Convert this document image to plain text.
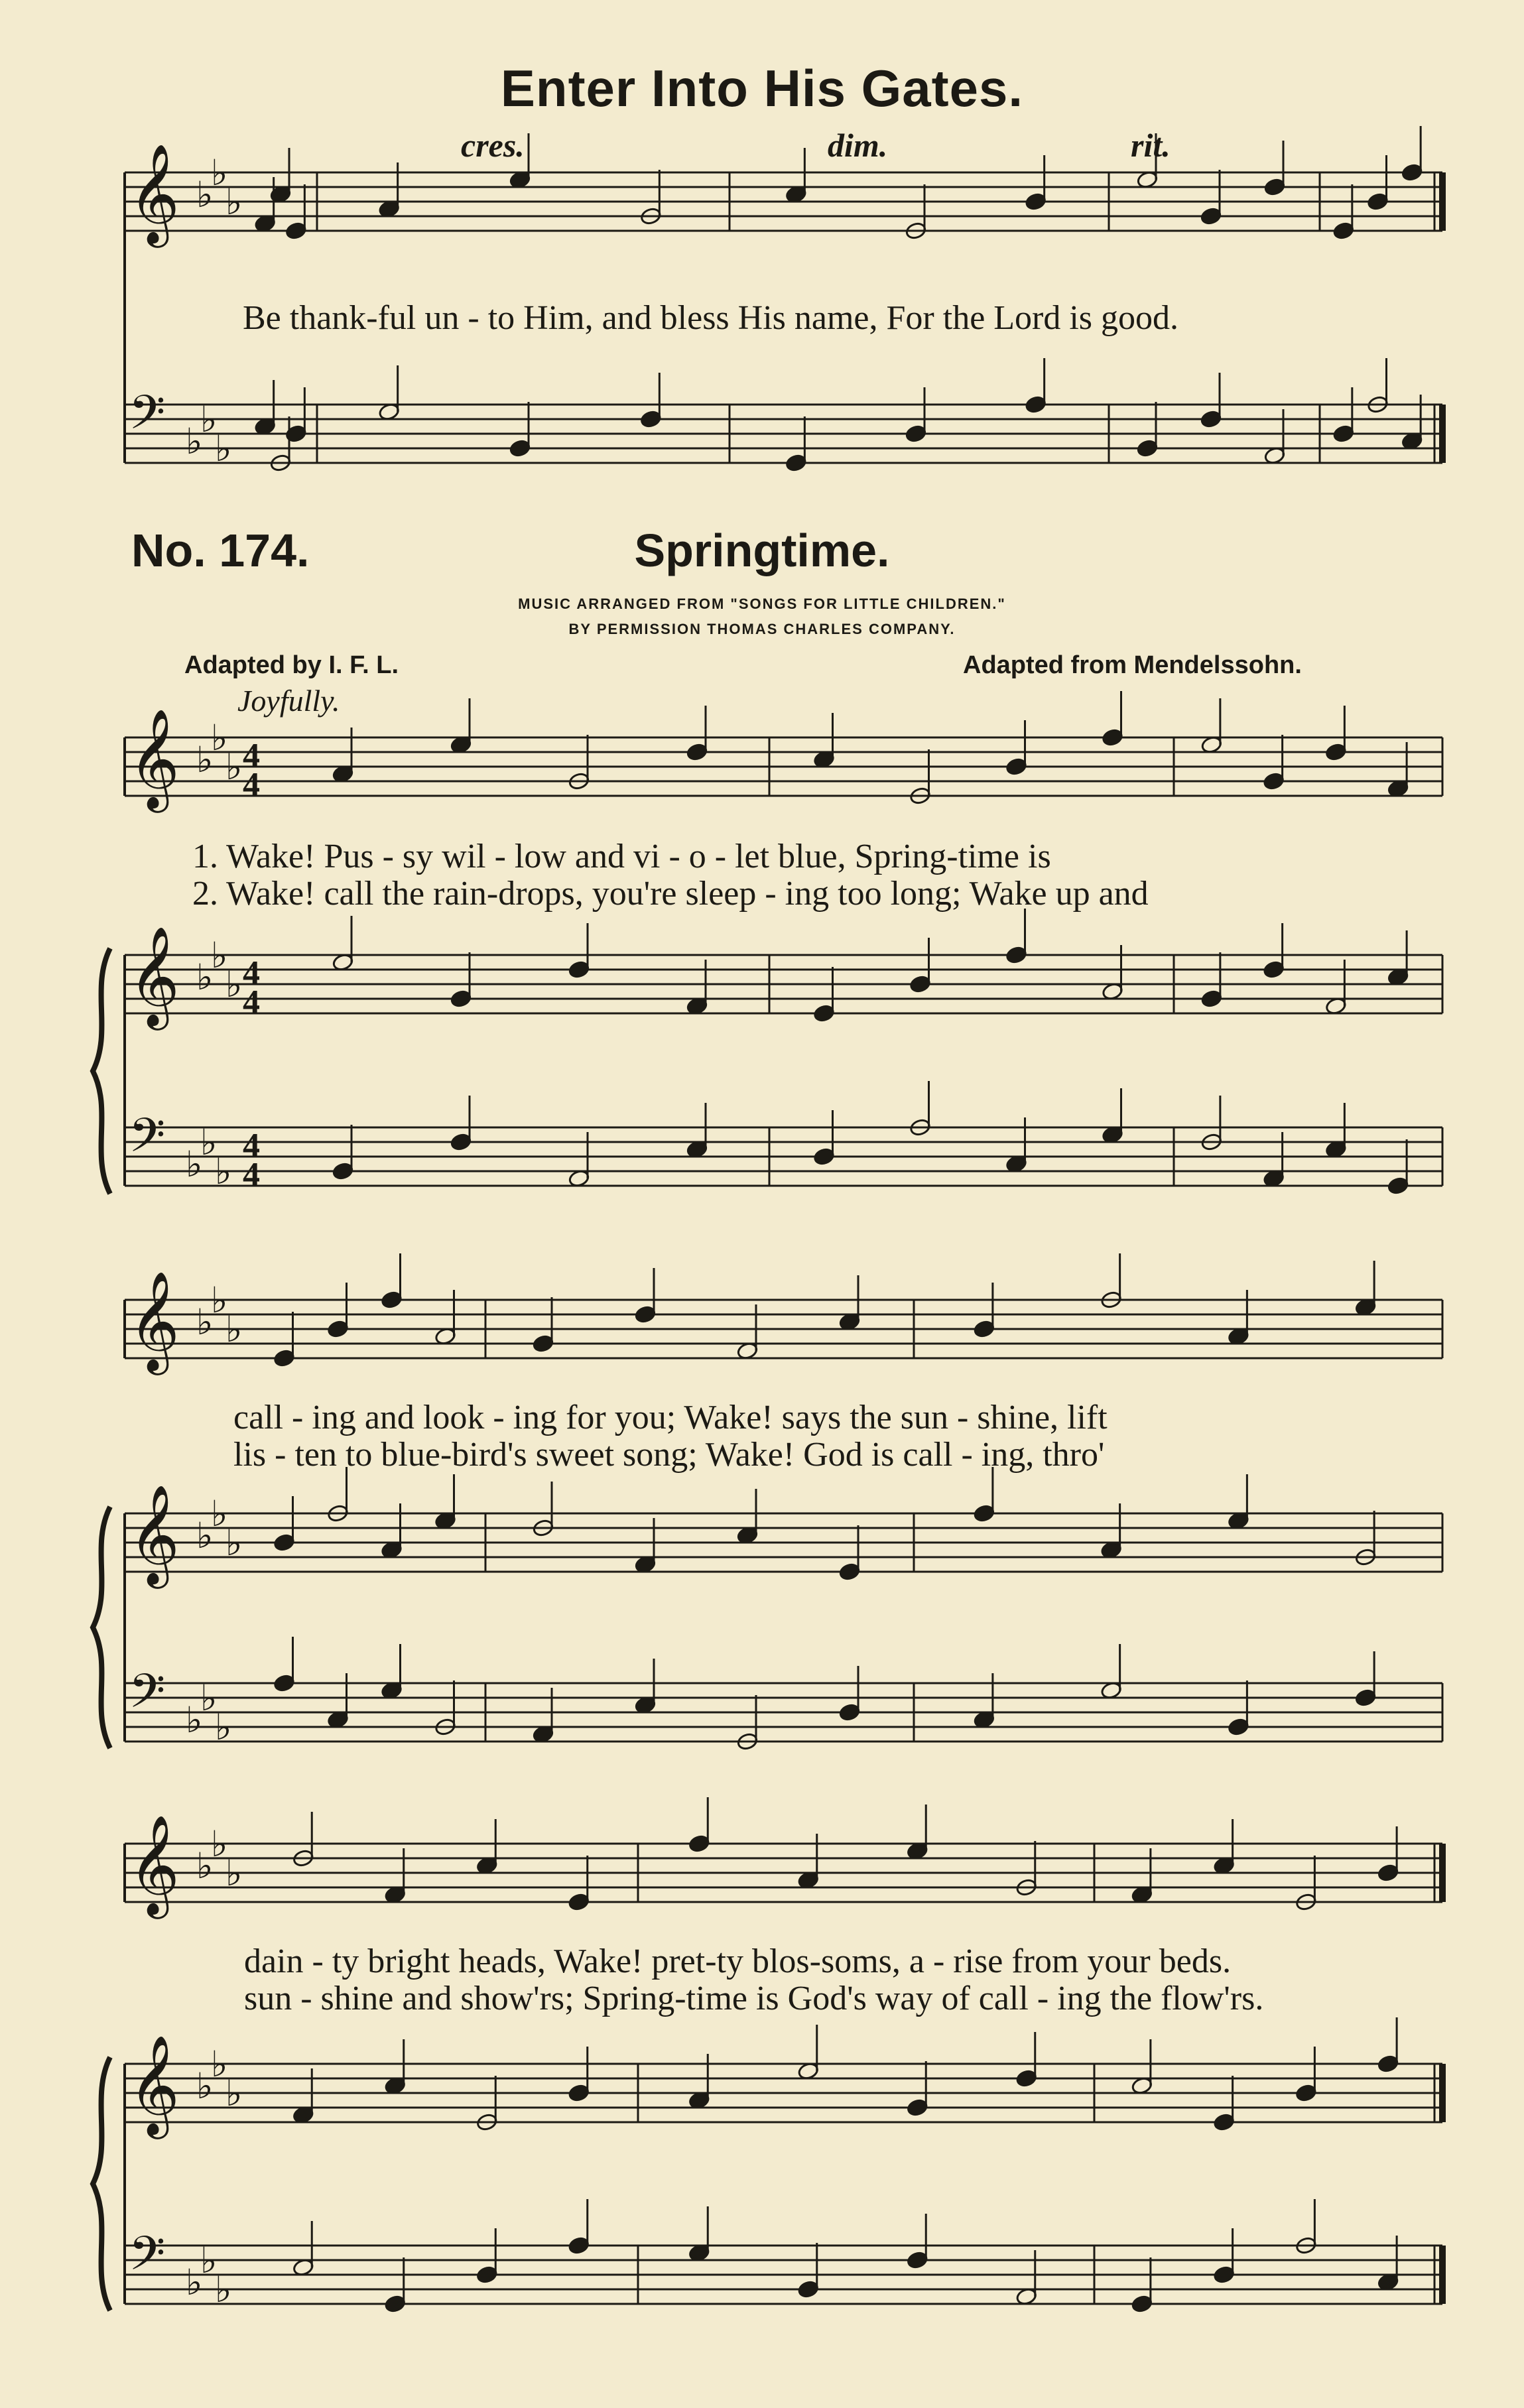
𝄞 ♭
♭
♭
𝄢 ♭
♭
♭
𝄞 ♭
♭
♭ 4
4
𝄞 ♭
♭
♭ 4
4
𝄢 ♭
♭
♭
4
4
𝄞 ♭
♭
♭
𝄞 ♭
♭
♭
𝄢 ♭
♭
♭
𝄞 ♭
♭
♭
𝄞 ♭
♭
♭
𝄢 ♭
♭
♭
Enter Into His Gates.
cres.	dim.	rit.
Be thank-ful un - to Him, and bless His name, For the Lord is good.
No. 174.	Springtime.
MUSIC ARRANGED FROM "SONGS FOR LITTLE CHILDREN."
BY PERMISSION THOMAS CHARLES COMPANY.
Adapted by I. F. L.	Adapted from Mendelssohn.
Joyfully.
1. Wake! Pus - sy wil - low and vi - o - let blue, Spring-time is
2. Wake! call the rain-drops, you're sleep - ing too long; Wake up and
call - ing and look - ing for you; Wake! says the sun - shine, lift
lis - ten to blue-bird's sweet song; Wake! God is call - ing, thro'
dain - ty bright heads, Wake! pret-ty blos-soms, a - rise from your beds.
sun - shine and show'rs; Spring-time is God's way of call - ing the flow'rs.
